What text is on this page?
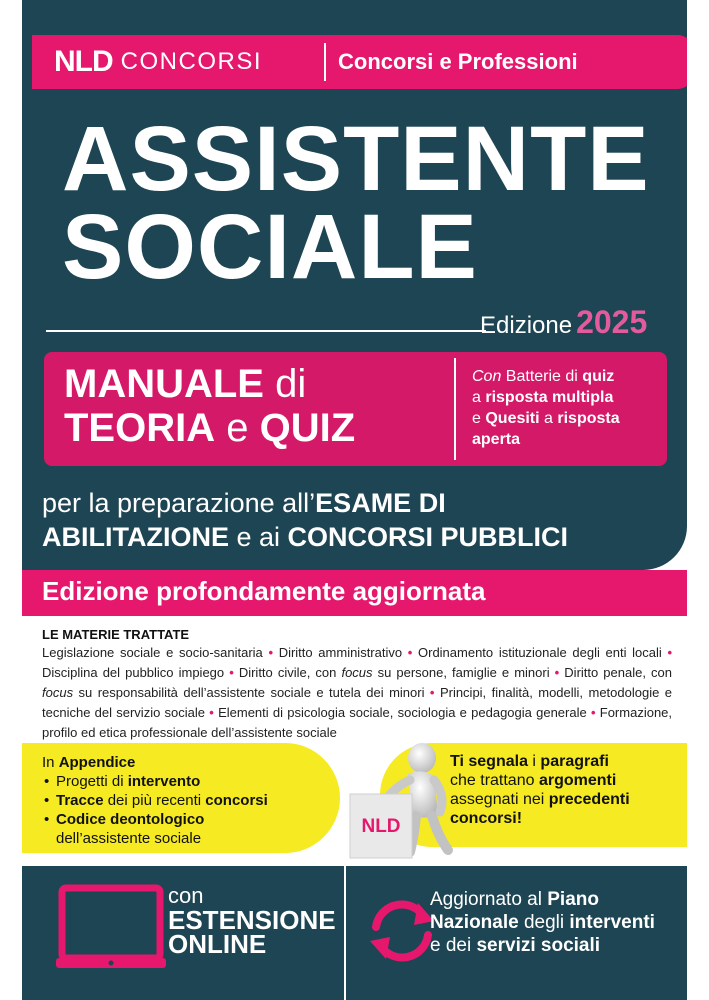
NLD CONCORSI	Concorsi e Professioni
ASSISTENTE
SOCIALE
Edizione 2025
MANUALE di
TEORIA e QUIZ
Con Batterie di quiz
a risposta multipla
e Quesiti a risposta
aperta
per la preparazione all’ESAME DI
ABILITAZIONE e ai CONCORSI PUBBLICI
Edizione profondamente aggiornata
LE MATERIE TRATTATE
Legislazione sociale e socio-sanitaria • Diritto amministrativo • Ordinamento istituzionale degli enti locali • Disciplina del pubblico impiego • Diritto civile, con focus su persone, famiglie e minori • Diritto penale, con focus su responsabilità dell’assistente sociale e tutela dei minori • Principi, finalità, modelli, metodologie e tecniche del servizio sociale • Elementi di psicologia sociale, sociologia e pedagogia generale • Formazione, profilo ed etica professionale dell’assistente sociale
In Appendice
• Progetti di intervento
• Tracce dei più recenti concorsi
• Codice deontologico
dell’assistente sociale
NLD
Ti segnala i paragrafi
che trattano argomenti
assegnati nei precedenti
concorsi!
con
ESTENSIONE
ONLINE
Aggiornato al Piano
Nazionale degli interventi
e dei servizi sociali
